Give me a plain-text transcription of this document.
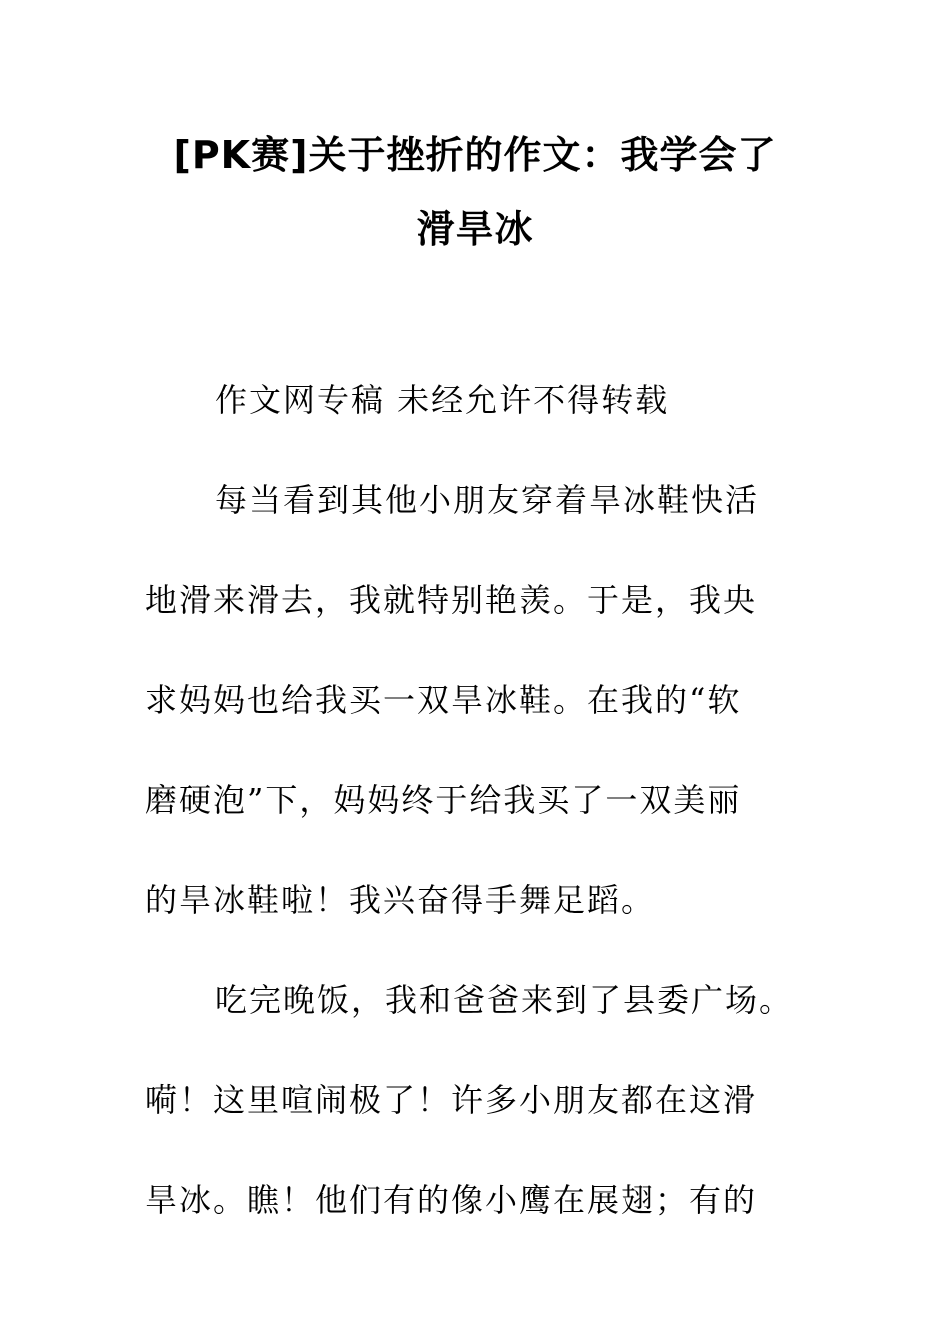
[PK赛]关于挫折的作文：我学会了
滑旱冰
作文网专稿 未经允许不得转载
每当看到其他小朋友穿着旱冰鞋快活
地滑来滑去，我就特别艳羡。于是，我央
求妈妈也给我买一双旱冰鞋。在我的“软
磨硬泡”下，妈妈终于给我买了一双美丽
的旱冰鞋啦！我兴奋得手舞足蹈。
吃完晚饭，我和爸爸来到了县委广场。
嗬！这里喧闹极了！许多小朋友都在这滑
旱冰。瞧！他们有的像小鹰在展翅；有的
